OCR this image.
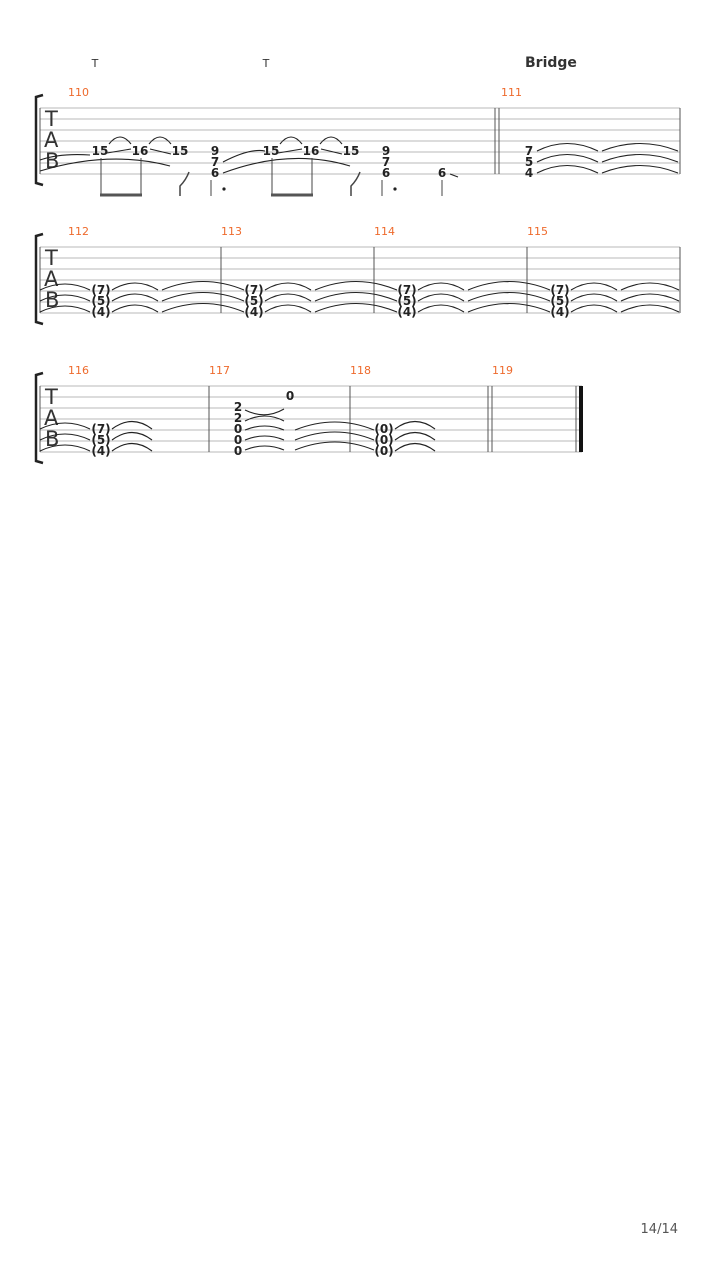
T	T	Bridge
T
A
B
110	111
15 16 15 9
7
6
15 16 15 9
7
6	6
7
5
4
T
A
B
112	113	114	115
(7)
(5)
(4)
(7)
(5)
(4)
(7)
(5)
(4)
(7)
(5)
(4)
T
A
B
116	117	118	119
(7)
(5)
(4)
0
2
2
0
0
0
(0)
(0)
(0)
14/14
